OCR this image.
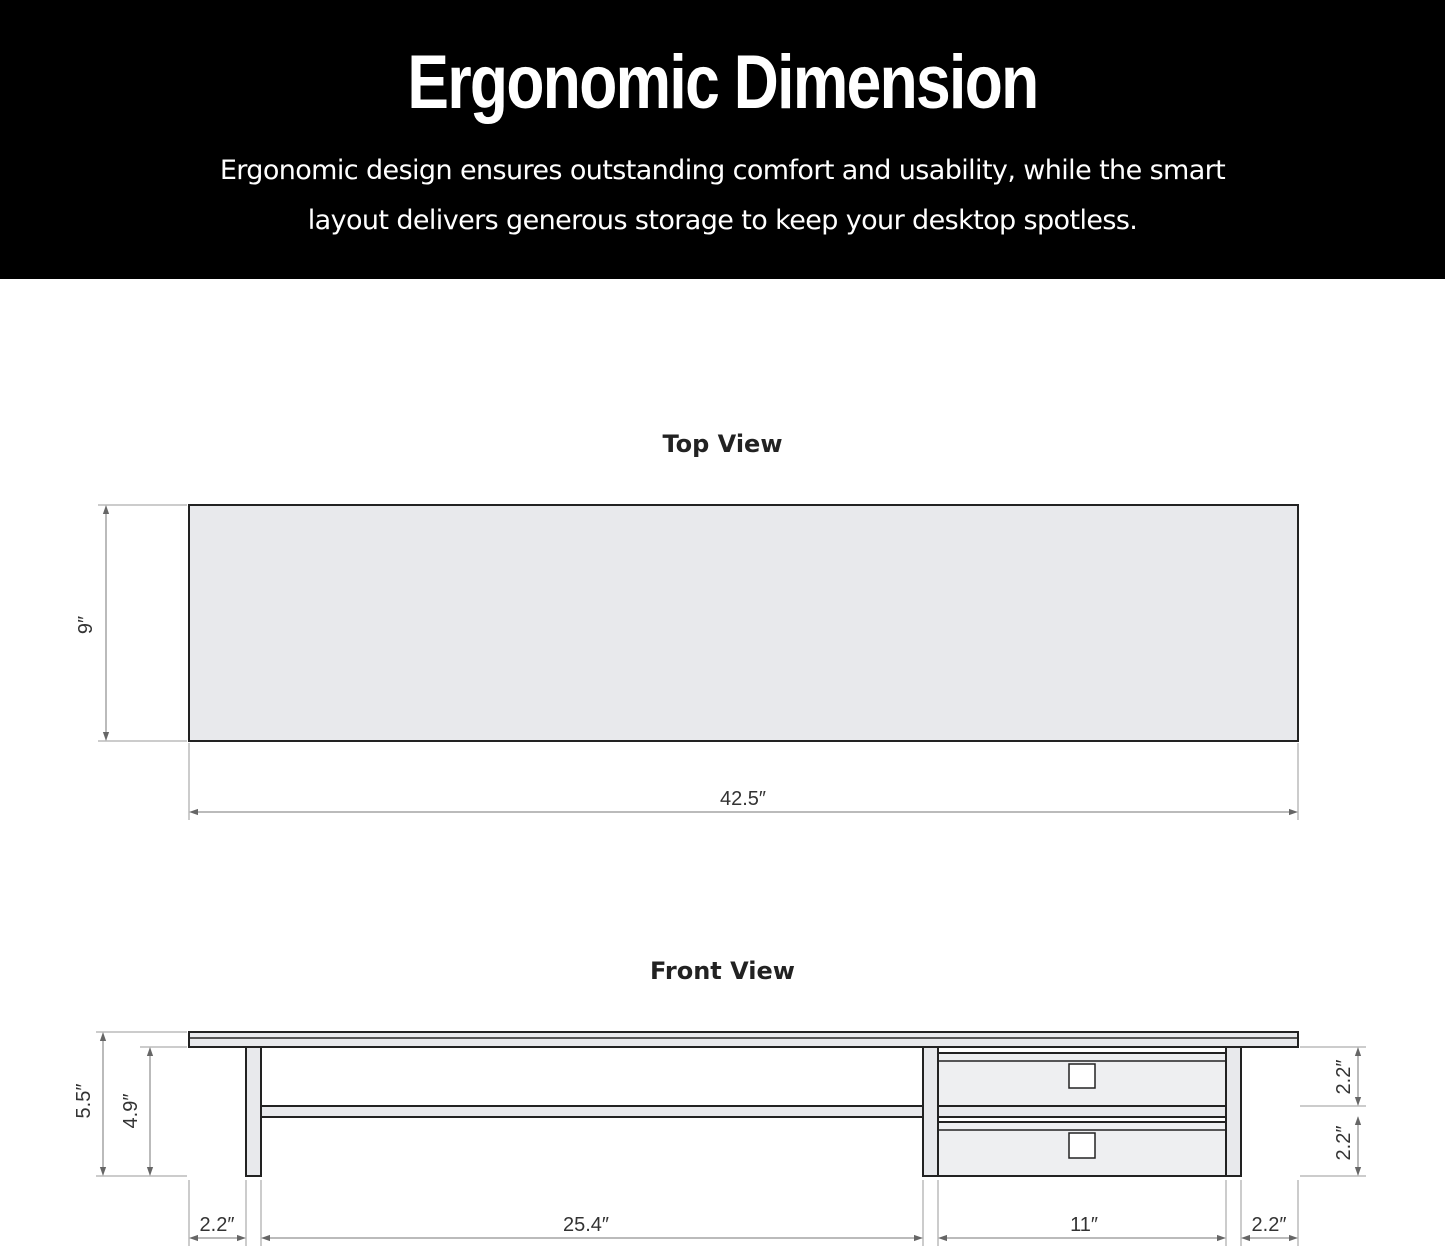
Ergonomic Dimension

Ergonomic design ensures outstanding comfort and usability, while the smart
layout delivers generous storage to keep your desktop spotless.

Top View
Front View
9″
42.5″
5.5″ 4.9″
2.2″
2.2″
2.2″	25.4″	11″	2.2″
